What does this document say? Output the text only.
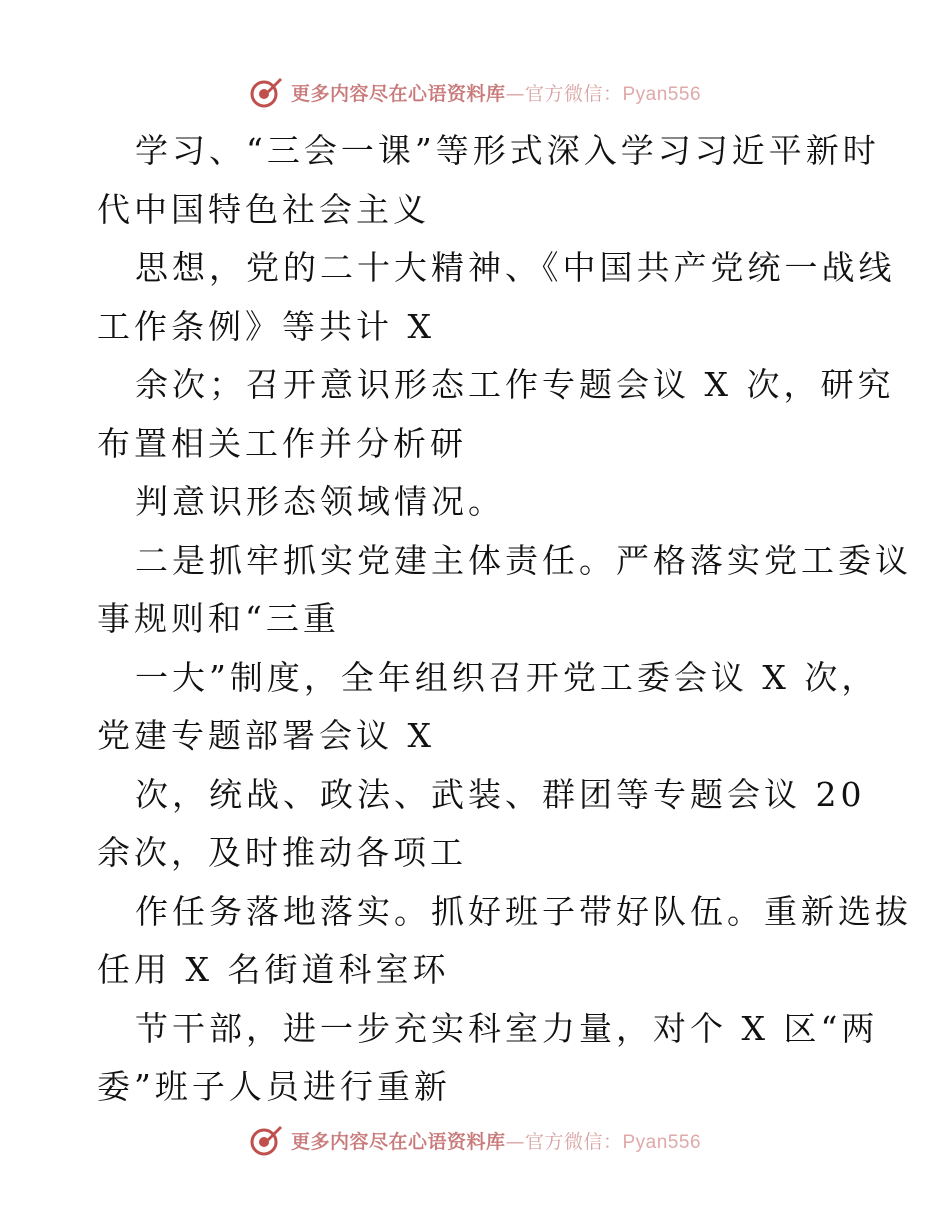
更多内容尽在心语资料库—官方微信：Pyan556
学习、“三会一课”等形式深入学习习近平新时
代中国特色社会主义
思想，党的二十大精神、《中国共产党统一战线
工作条例》等共计 X
余次；召开意识形态工作专题会议 X 次，研究
布置相关工作并分析研
判意识形态领域情况。
二是抓牢抓实党建主体责任。严格落实党工委议
事规则和“三重
一大”制度，全年组织召开党工委会议 X 次，
党建专题部署会议 X
次，统战、政法、武装、群团等专题会议 20
余次，及时推动各项工
作任务落地落实。抓好班子带好队伍。重新选拔
任用 X 名街道科室环
节干部，进一步充实科室力量，对个 X 区“两
委”班子人员进行重新
更多内容尽在心语资料库—官方微信：Pyan556
